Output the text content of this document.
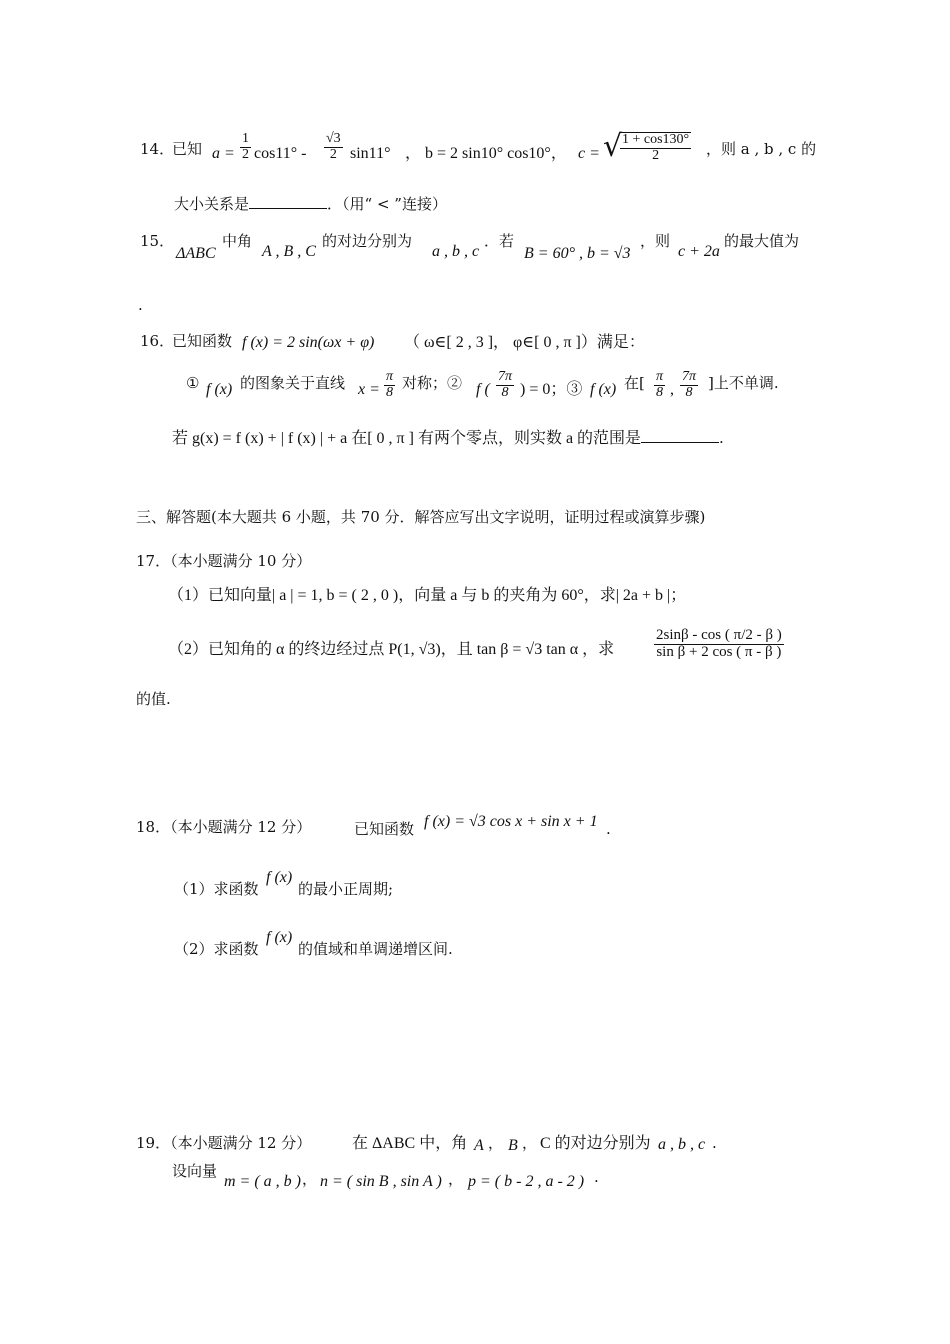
14．
已知 $a = \frac{1}{2} \cos 11^\circ - \frac{√3}{2} \sin 11^\circ$ ， b = 2 sin10° cos10°， c = √
$\frac{1 + \cos 130^\circ}{2}$ ，则 a , b , c 的
大小关系是	．（用“ < ”连接）
15．
ΔABC
中角
A , B , C
的对边分别为
a , b , c
．若
B = 60° , b = √3
，则
c + 2a
的最大值为
.
16．
已知函数 f (x) = 2 sin(ωx + φ) （ ω∈[ 2 , 3 ]， φ∈[ 0 , π ]）满足：
① f (x) 的图象关于直线 $x = \frac{\pi}{8}$ 对称；② f ( $\frac{7\pi}{8}$ ) = 0；③ f (x) 在[ $\frac{\pi}{8}$ , $\frac{7\pi}{8}$ ]上不单调.
若 g(x) = f (x) + | f (x) | + a 在[ 0 , π ] 有两个零点，则实数 a 的范围是	.
三、解答题(本大题共 6 小题，共 70 分．解答应写出文字说明，证明过程或演算步骤)
17．（本小题满分 10 分）
（1）已知向量| a | = 1, b = ( 2 , 0 )，向量 a 与 b 的夹角为 60°，求| 2a + b |；
（2）已知角的 α 的终边经过点 P(1, √3)，且 tan β = √3 tan α ，求	$\frac{2\sin\beta - \cos ( \pi/2 - \beta )}{\text{sin β + 2 cos ( π - β )}}$
的值.
18．（本小题满分 12 分）	已知函数 f (x) = √3 cos x + sin x + 1 .
（1）求函数
f (x)
的最小正周期;
（2）求函数
f (x)
的值域和单调递增区间.
19．（本小题满分 12 分）	在 ΔABC 中，角 A ， B ， C 的对边分别为 a , b , c .
设向量
m = ( a , b ) ， n = ( sin B , sin A ) ， p = ( b - 2 , a - 2 ) .
